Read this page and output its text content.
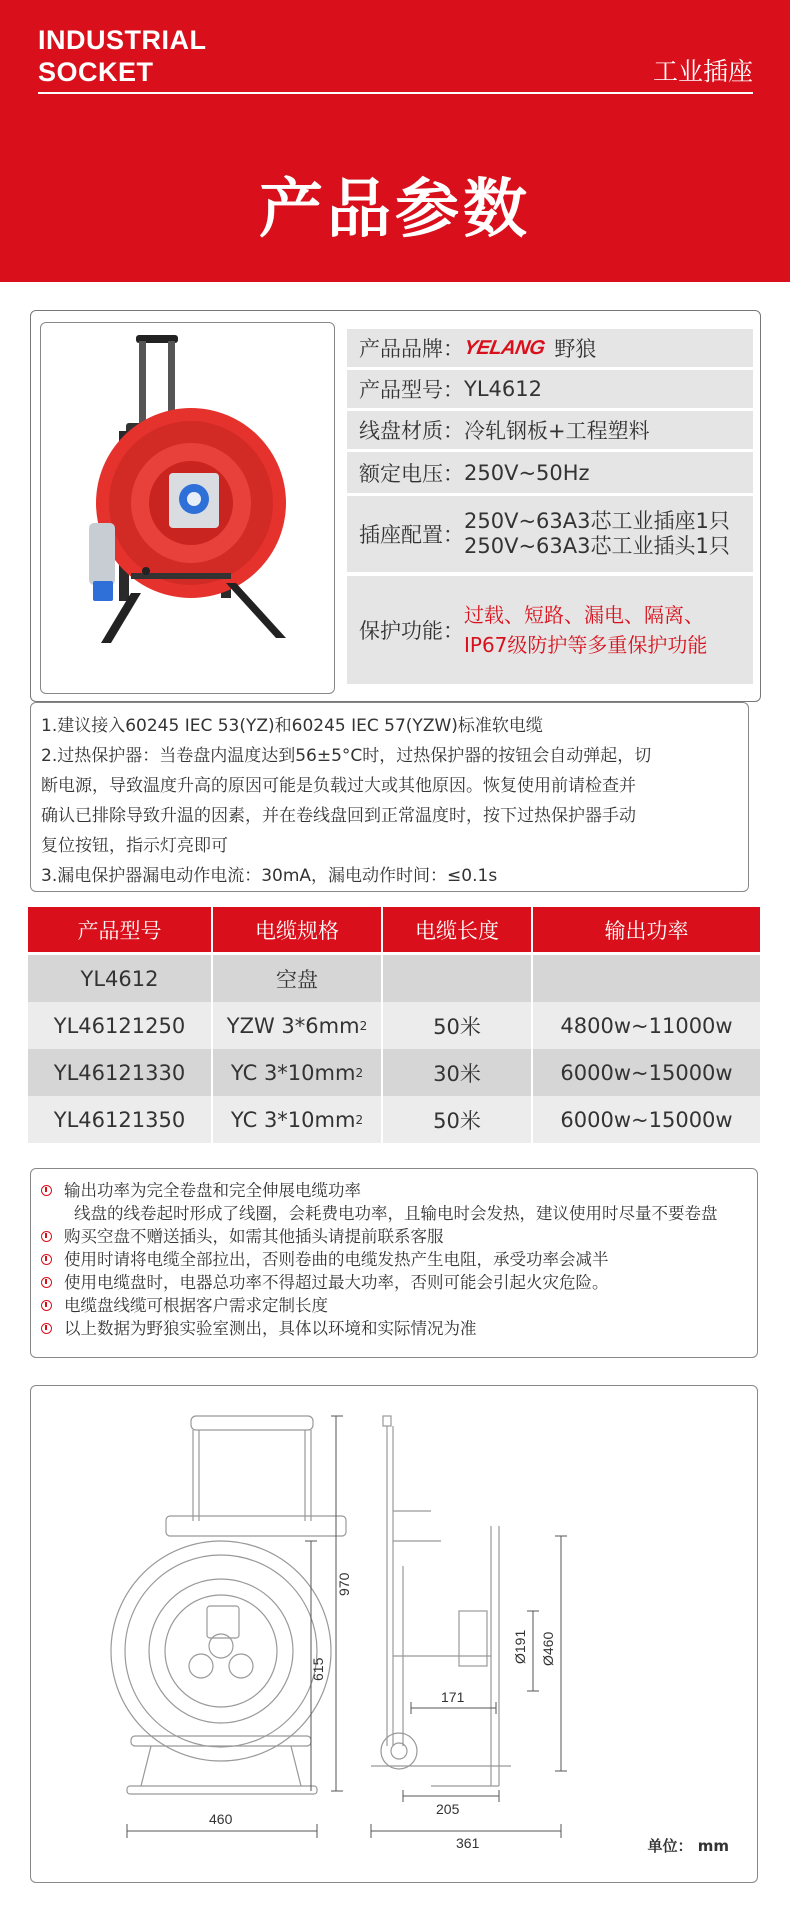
INDUSTRIAL
SOCKET	工业插座
产品参数
产品品牌：
YELANG 野狼
产品型号： YL4612
线盘材质： 冷轧钢板+工程塑料
额定电压： 250V~50Hz
插座配置：
250V~63A3芯工业插座1只
250V~63A3芯工业插头1只
保护功能：
过载、短路、漏电、隔离、
IP67级防护等多重保护功能

1.建议接入60245 IEC 53(YZ)和60245 IEC 57(YZW)标准软电缆

2.过热保护器：当卷盘内温度达到56±5°C时，过热保护器的按钮会自动弹起，切

断电源，导致温度升高的原因可能是负载过大或其他原因。恢复使用前请检查并

确认已排除导致升温的因素，并在卷线盘回到正常温度时，按下过热保护器手动

复位按钮，指示灯亮即可

3.漏电保护器漏电动作电流：30mA，漏电动作时间：≤0.1s

产品型号	电缆规格	电缆长度	输出功率
YL4612	空盘
YL46121250	YZW 3*6mm 2	50米	4800w~11000w
YL46121330	YC 3*10mm 2	30米	6000w~15000w
YL46121350	YC 3*10mm 2	50米	6000w~15000w
输出功率为完全卷盘和完全伸展电缆功率
线盘的线卷起时形成了线圈，会耗费电功率，且输电时会发热，建议使用时尽量不要卷盘
购买空盘不赠送插头，如需其他插头请提前联系客服
使用时请将电缆全部拉出，否则卷曲的电缆发热产生电阻，承受功率会减半
使用电缆盘时，电器总功率不得超过最大功率，否则可能会引起火灾危险。
电缆盘线缆可根据客户需求定制长度
以上数据为野狼实验室测出，具体以环境和实际情况为准
970
615
460
Ø191 Ø460
171
205
361	单位： mm
